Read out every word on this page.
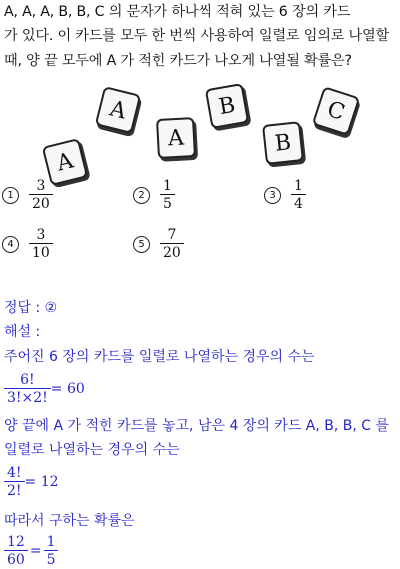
A, A, A, B, B, C 의 문자가 하나씩 적혀 있는 6 장의 카드
가 있다. 이 카드를 모두 한 번씩 사용하여 일렬로 임의로 나열할
때, 양 끝 모두에 A 가 적힌 카드가 나오게 나열될 확률은?
A
A
A
B
B
C
1	$\frac{3}{20}$	2	$\frac{1}{5}$	3	$\frac{1}{4}$
4	$\frac{3}{10}$	5	$\frac{7}{20}$
정답 : ②
해설 :
주어진 6 장의 카드를 일렬로 나열하는 경우의 수는
$\frac{6!}{3!\times 2!} = 60$
양 끝에 A 가 적힌 카드를 놓고, 남은 4 장의 카드 A, B, B, C 를
일렬로 나열하는 경우의 수는
$\frac{4!}{2!} = 12$
따라서 구하는 확률은
$\frac{12}{60} = \frac{1}{5}$
